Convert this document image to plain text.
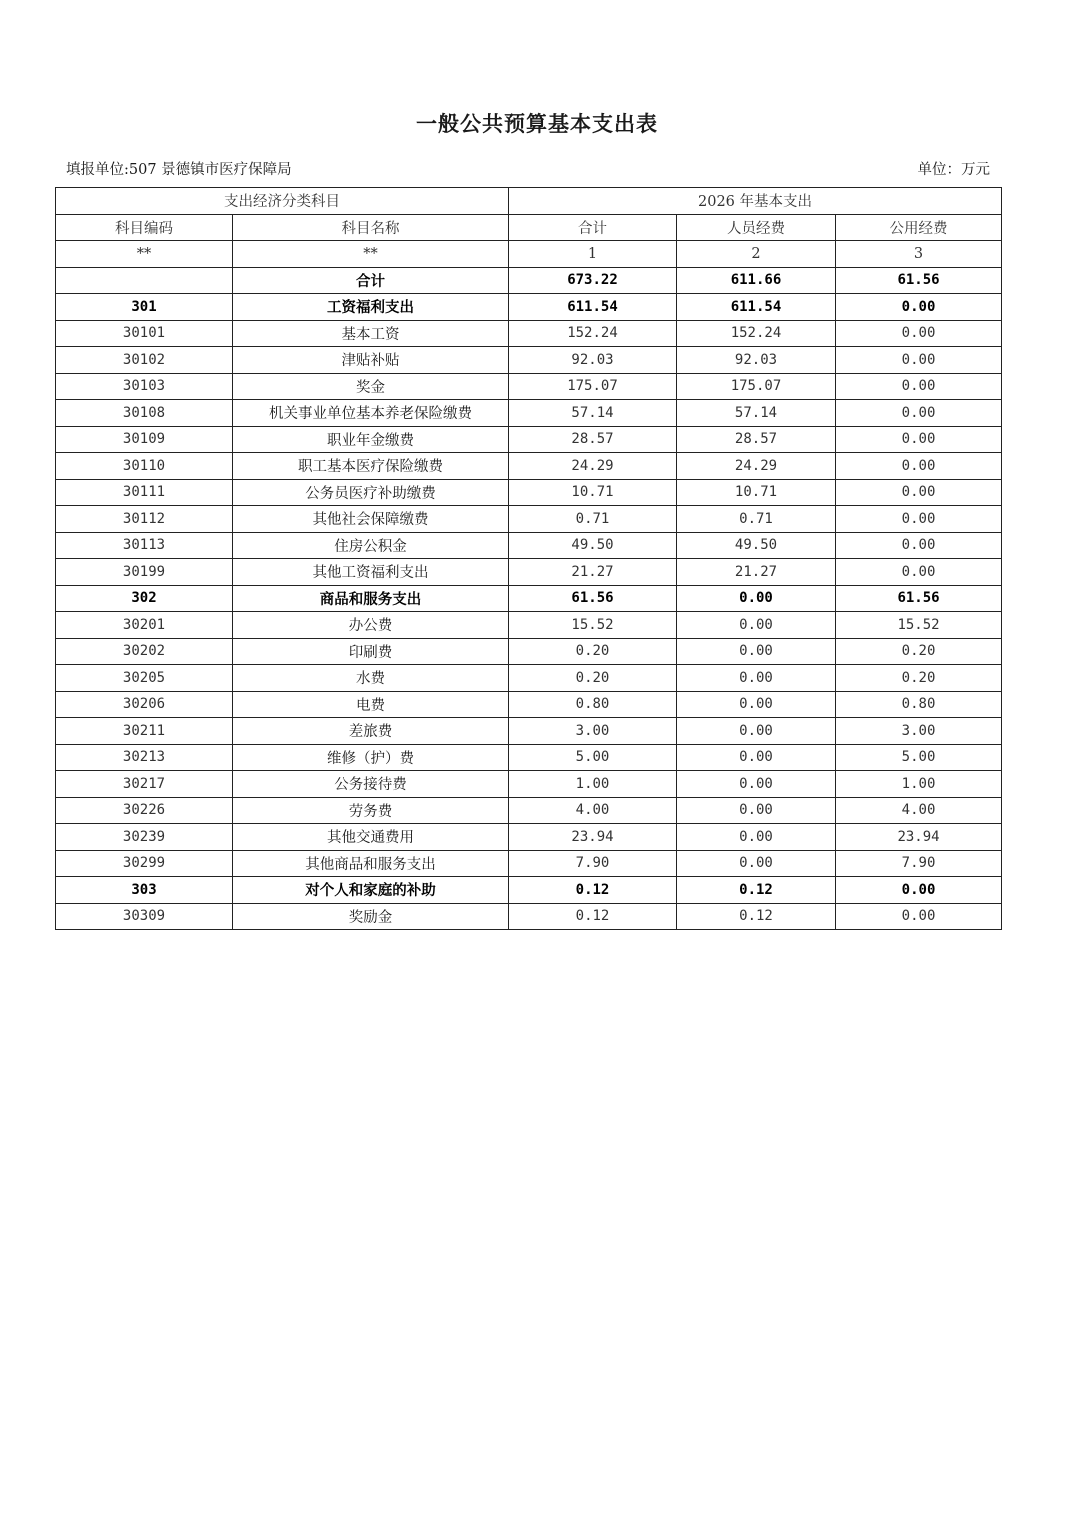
一般公共预算基本支出表
填报单位:507 景德镇市医疗保障局	单位：万元
支出经济分类科目		2026 年基本支出		
科目编码	科目名称	合计	人员经费	公用经费
**	**	1	2	3
	合计	673.22	611.66	61.56
301	工资福利支出	611.54	611.54	0.00
30101	基本工资	152.24	152.24	0.00
30102	津贴补贴	92.03	92.03	0.00
30103	奖金	175.07	175.07	0.00
30108	机关事业单位基本养老保险缴费	57.14	57.14	0.00
30109	职业年金缴费	28.57	28.57	0.00
30110	职工基本医疗保险缴费	24.29	24.29	0.00
30111	公务员医疗补助缴费	10.71	10.71	0.00
30112	其他社会保障缴费	0.71	0.71	0.00
30113	住房公积金	49.50	49.50	0.00
30199	其他工资福利支出	21.27	21.27	0.00
302	商品和服务支出	61.56	0.00	61.56
30201	办公费	15.52	0.00	15.52
30202	印刷费	0.20	0.00	0.20
30205	水费	0.20	0.00	0.20
30206	电费	0.80	0.00	0.80
30211	差旅费	3.00	0.00	3.00
30213	维修（护）费	5.00	0.00	5.00
30217	公务接待费	1.00	0.00	1.00
30226	劳务费	4.00	0.00	4.00
30239	其他交通费用	23.94	0.00	23.94
30299	其他商品和服务支出	7.90	0.00	7.90
303	对个人和家庭的补助	0.12	0.12	0.00
30309	奖励金	0.12	0.12	0.00
